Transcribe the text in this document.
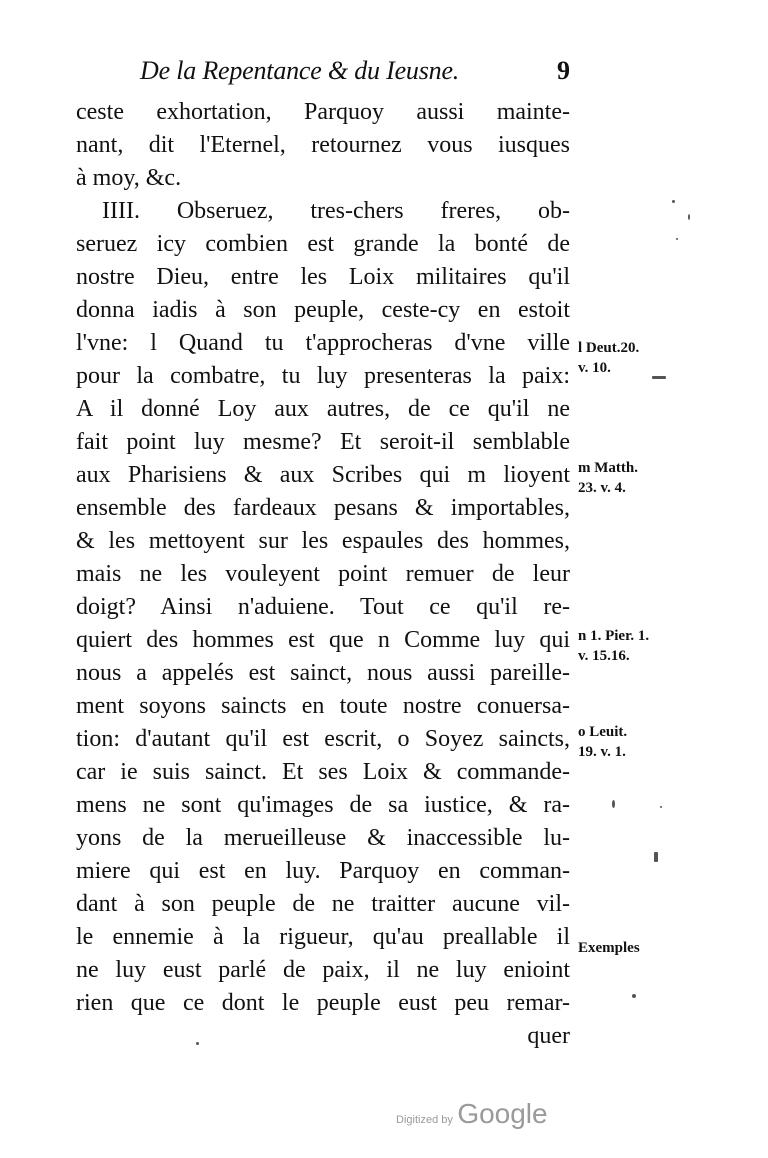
De la Repentance & du Ieusne.	9
ceste exhortation, Parquoy aussi mainte-
nant, dit l'Eternel, retournez vous iusques
à moy, &c.
IIII. Obseruez, tres-chers freres, ob-
seruez icy combien est grande la bonté de
nostre Dieu, entre les Loix militaires qu'il
donna iadis à son peuple, ceste-cy en estoit
l'vne: l Quand tu t'approcheras d'vne ville
pour la combatre, tu luy presenteras la paix:
A il donné Loy aux autres, de ce qu'il ne
fait point luy mesme? Et seroit-il semblable
aux Pharisiens & aux Scribes qui m lioyent
ensemble des fardeaux pesans & importables,
& les mettoyent sur les espaules des hommes,
mais ne les vouleyent point remuer de leur
doigt? Ainsi n'aduiene. Tout ce qu'il re-
quiert des hommes est que n Comme luy qui
nous a appelés est sainct, nous aussi pareille-
ment soyons saincts en toute nostre conuersa-
tion: d'autant qu'il est escrit, o Soyez saincts,
car ie suis sainct. Et ses Loix & commande-
mens ne sont qu'images de sa iustice, & ra-
yons de la merueilleuse & inaccessible lu-
miere qui est en luy. Parquoy en comman-
dant à son peuple de ne traitter aucune vil-
le ennemie à la rigueur, qu'au preallable il
ne luy eust parlé de paix, il ne luy enioint
rien que ce dont le peuple eust peu remar-
quer
l Deut.20.
v. 10.
m Matth.
23. v. 4.
n 1. Pier. 1.
v. 15.16.
o Leuit.
19. v. 1.
Exemples
Digitized by Google
